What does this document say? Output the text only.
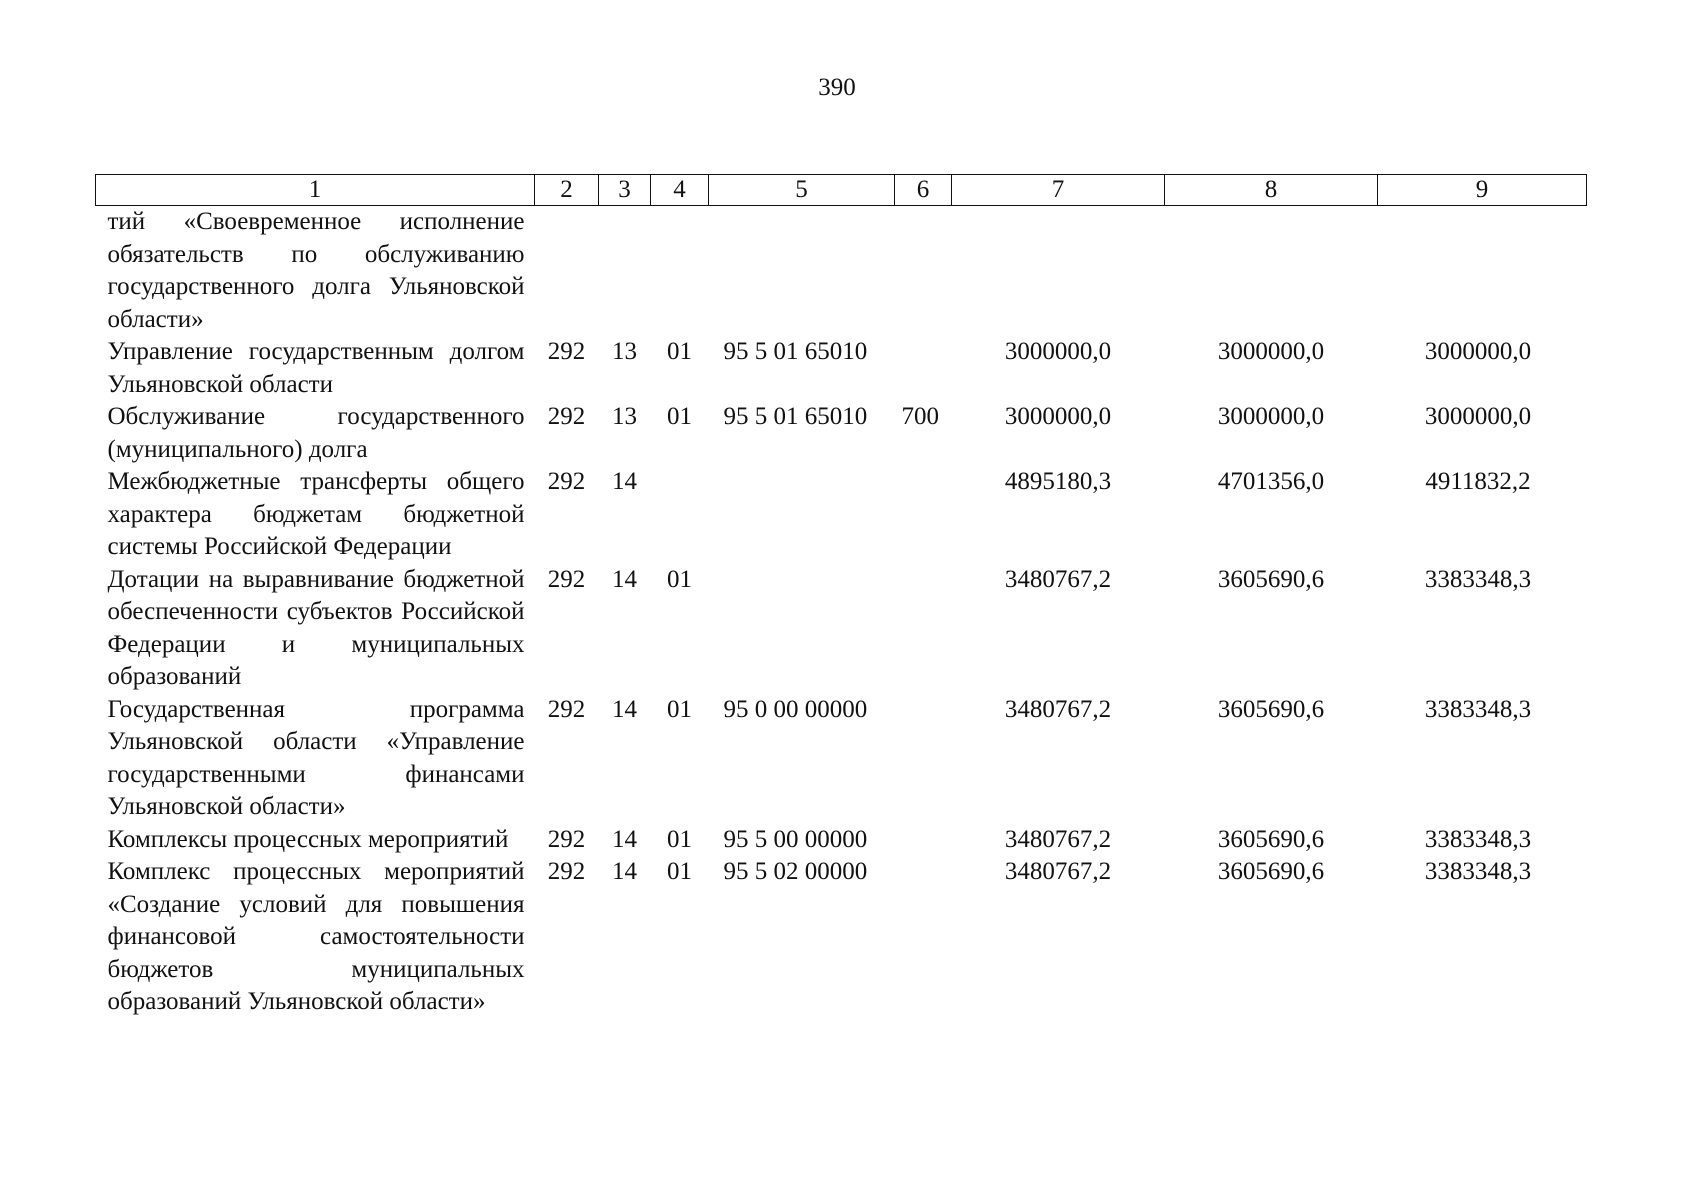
390
1	2	3	4	5	6	7	8	9
тий «Своевременное исполнение обязательств по обслуживанию государственного долга Ульяновской области»								
Управление государственным долгом Ульяновской области	292	13	01	95 5 01 65010		3000000,0	3000000,0	3000000,0
Обслуживание государственного (муниципального) долга	292	13	01	95 5 01 65010	700	3000000,0	3000000,0	3000000,0
Межбюджетные трансферты общего характера бюджетам бюджетной системы Российской Федерации	292	14				4895180,3	4701356,0	4911832,2
Дотации на выравнивание бюджетной обеспеченности субъектов Российской Федерации и муниципальных образований	292	14	01			3480767,2	3605690,6	3383348,3
Государственная программа Ульяновской области «Управление государственными финансами Ульяновской области»	292	14	01	95 0 00 00000		3480767,2	3605690,6	3383348,3
Комплексы процессных мероприятий	292	14	01	95 5 00 00000		3480767,2	3605690,6	3383348,3
Комплекс процессных мероприятий «Создание условий для повышения финансовой самостоятельности бюджетов муниципальных образований Ульяновской области»	292	14	01	95 5 02 00000		3480767,2	3605690,6	3383348,3
